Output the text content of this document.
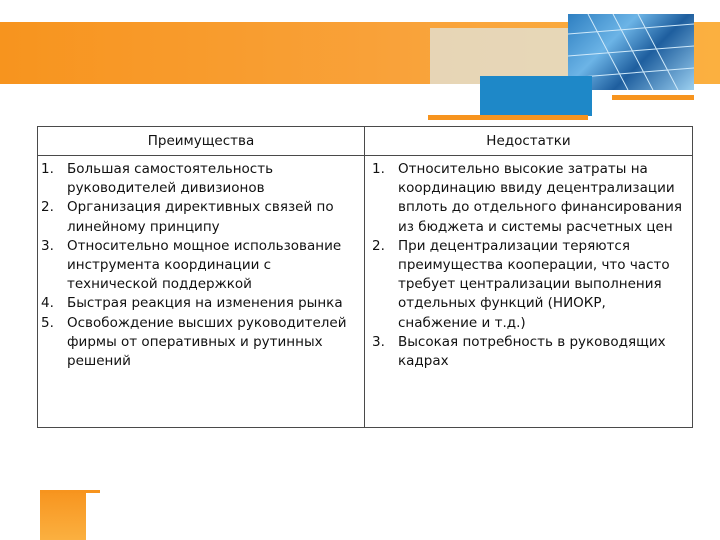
Преимущества	Недостатки
1. Большая самостоятельность руководителей дивизионов
2. Организация директивных связей по линейному принципу
3. Относительно мощное использование инструмента координации с технической поддержкой
4. Быстрая реакция на изменения рынка
5. Освобождение высших руководителей фирмы от оперативных и рутинных решений
1. Относительно высокие затраты на координацию ввиду децентрализации вплоть до отдельного финансирования из бюджета и системы расчетных цен
2. При децентрализации теряются преимущества кооперации, что часто требует централизации выполнения отдельных функций (НИОКР, снабжение и т.д.)
3. Высокая потребность в руководящих кадрах
